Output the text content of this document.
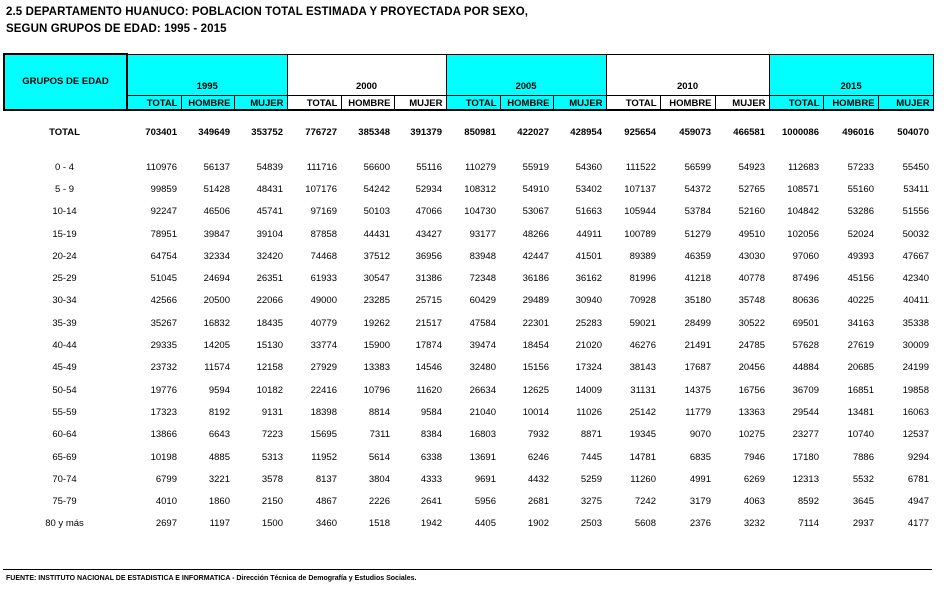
2.5 DEPARTAMENTO HUANUCO: POBLACION TOTAL ESTIMADA Y PROYECTADA POR SEXO,
SEGUN GRUPOS DE EDAD: 1995 - 2015
GRUPOS DE EDAD	1995			2000			2005			2010			2015		
	TOTAL	HOMBRE	MUJER	TOTAL	HOMBRE	MUJER	TOTAL	HOMBRE	MUJER	TOTAL	HOMBRE	MUJER	TOTAL	HOMBRE	MUJER
TOTAL	703401	349649	353752	776727	385348	391379	850981	422027	428954	925654	459073	466581	1000086	496016	504070

0 - 4	110976	56137	54839	111716	56600	55116	110279	55919	54360	111522	56599	54923	112683	57233	55450
5 - 9	99859	51428	48431	107176	54242	52934	108312	54910	53402	107137	54372	52765	108571	55160	53411
10-14	92247	46506	45741	97169	50103	47066	104730	53067	51663	105944	53784	52160	104842	53286	51556
15-19	78951	39847	39104	87858	44431	43427	93177	48266	44911	100789	51279	49510	102056	52024	50032
20-24	64754	32334	32420	74468	37512	36956	83948	42447	41501	89389	46359	43030	97060	49393	47667
25-29	51045	24694	26351	61933	30547	31386	72348	36186	36162	81996	41218	40778	87496	45156	42340
30-34	42566	20500	22066	49000	23285	25715	60429	29489	30940	70928	35180	35748	80636	40225	40411
35-39	35267	16832	18435	40779	19262	21517	47584	22301	25283	59021	28499	30522	69501	34163	35338
40-44	29335	14205	15130	33774	15900	17874	39474	18454	21020	46276	21491	24785	57628	27619	30009
45-49	23732	11574	12158	27929	13383	14546	32480	15156	17324	38143	17687	20456	44884	20685	24199
50-54	19776	9594	10182	22416	10796	11620	26634	12625	14009	31131	14375	16756	36709	16851	19858
55-59	17323	8192	9131	18398	8814	9584	21040	10014	11026	25142	11779	13363	29544	13481	16063
60-64	13866	6643	7223	15695	7311	8384	16803	7932	8871	19345	9070	10275	23277	10740	12537
65-69	10198	4885	5313	11952	5614	6338	13691	6246	7445	14781	6835	7946	17180	7886	9294
70-74	6799	3221	3578	8137	3804	4333	9691	4432	5259	11260	4991	6269	12313	5532	6781
75-79	4010	1860	2150	4867	2226	2641	5956	2681	3275	7242	3179	4063	8592	3645	4947
80 y más	2697	1197	1500	3460	1518	1942	4405	1902	2503	5608	2376	3232	7114	2937	4177
FUENTE: INSTITUTO NACIONAL DE ESTADISTICA E INFORMATICA - Dirección Técnica de Demografía y Estudios Sociales.
